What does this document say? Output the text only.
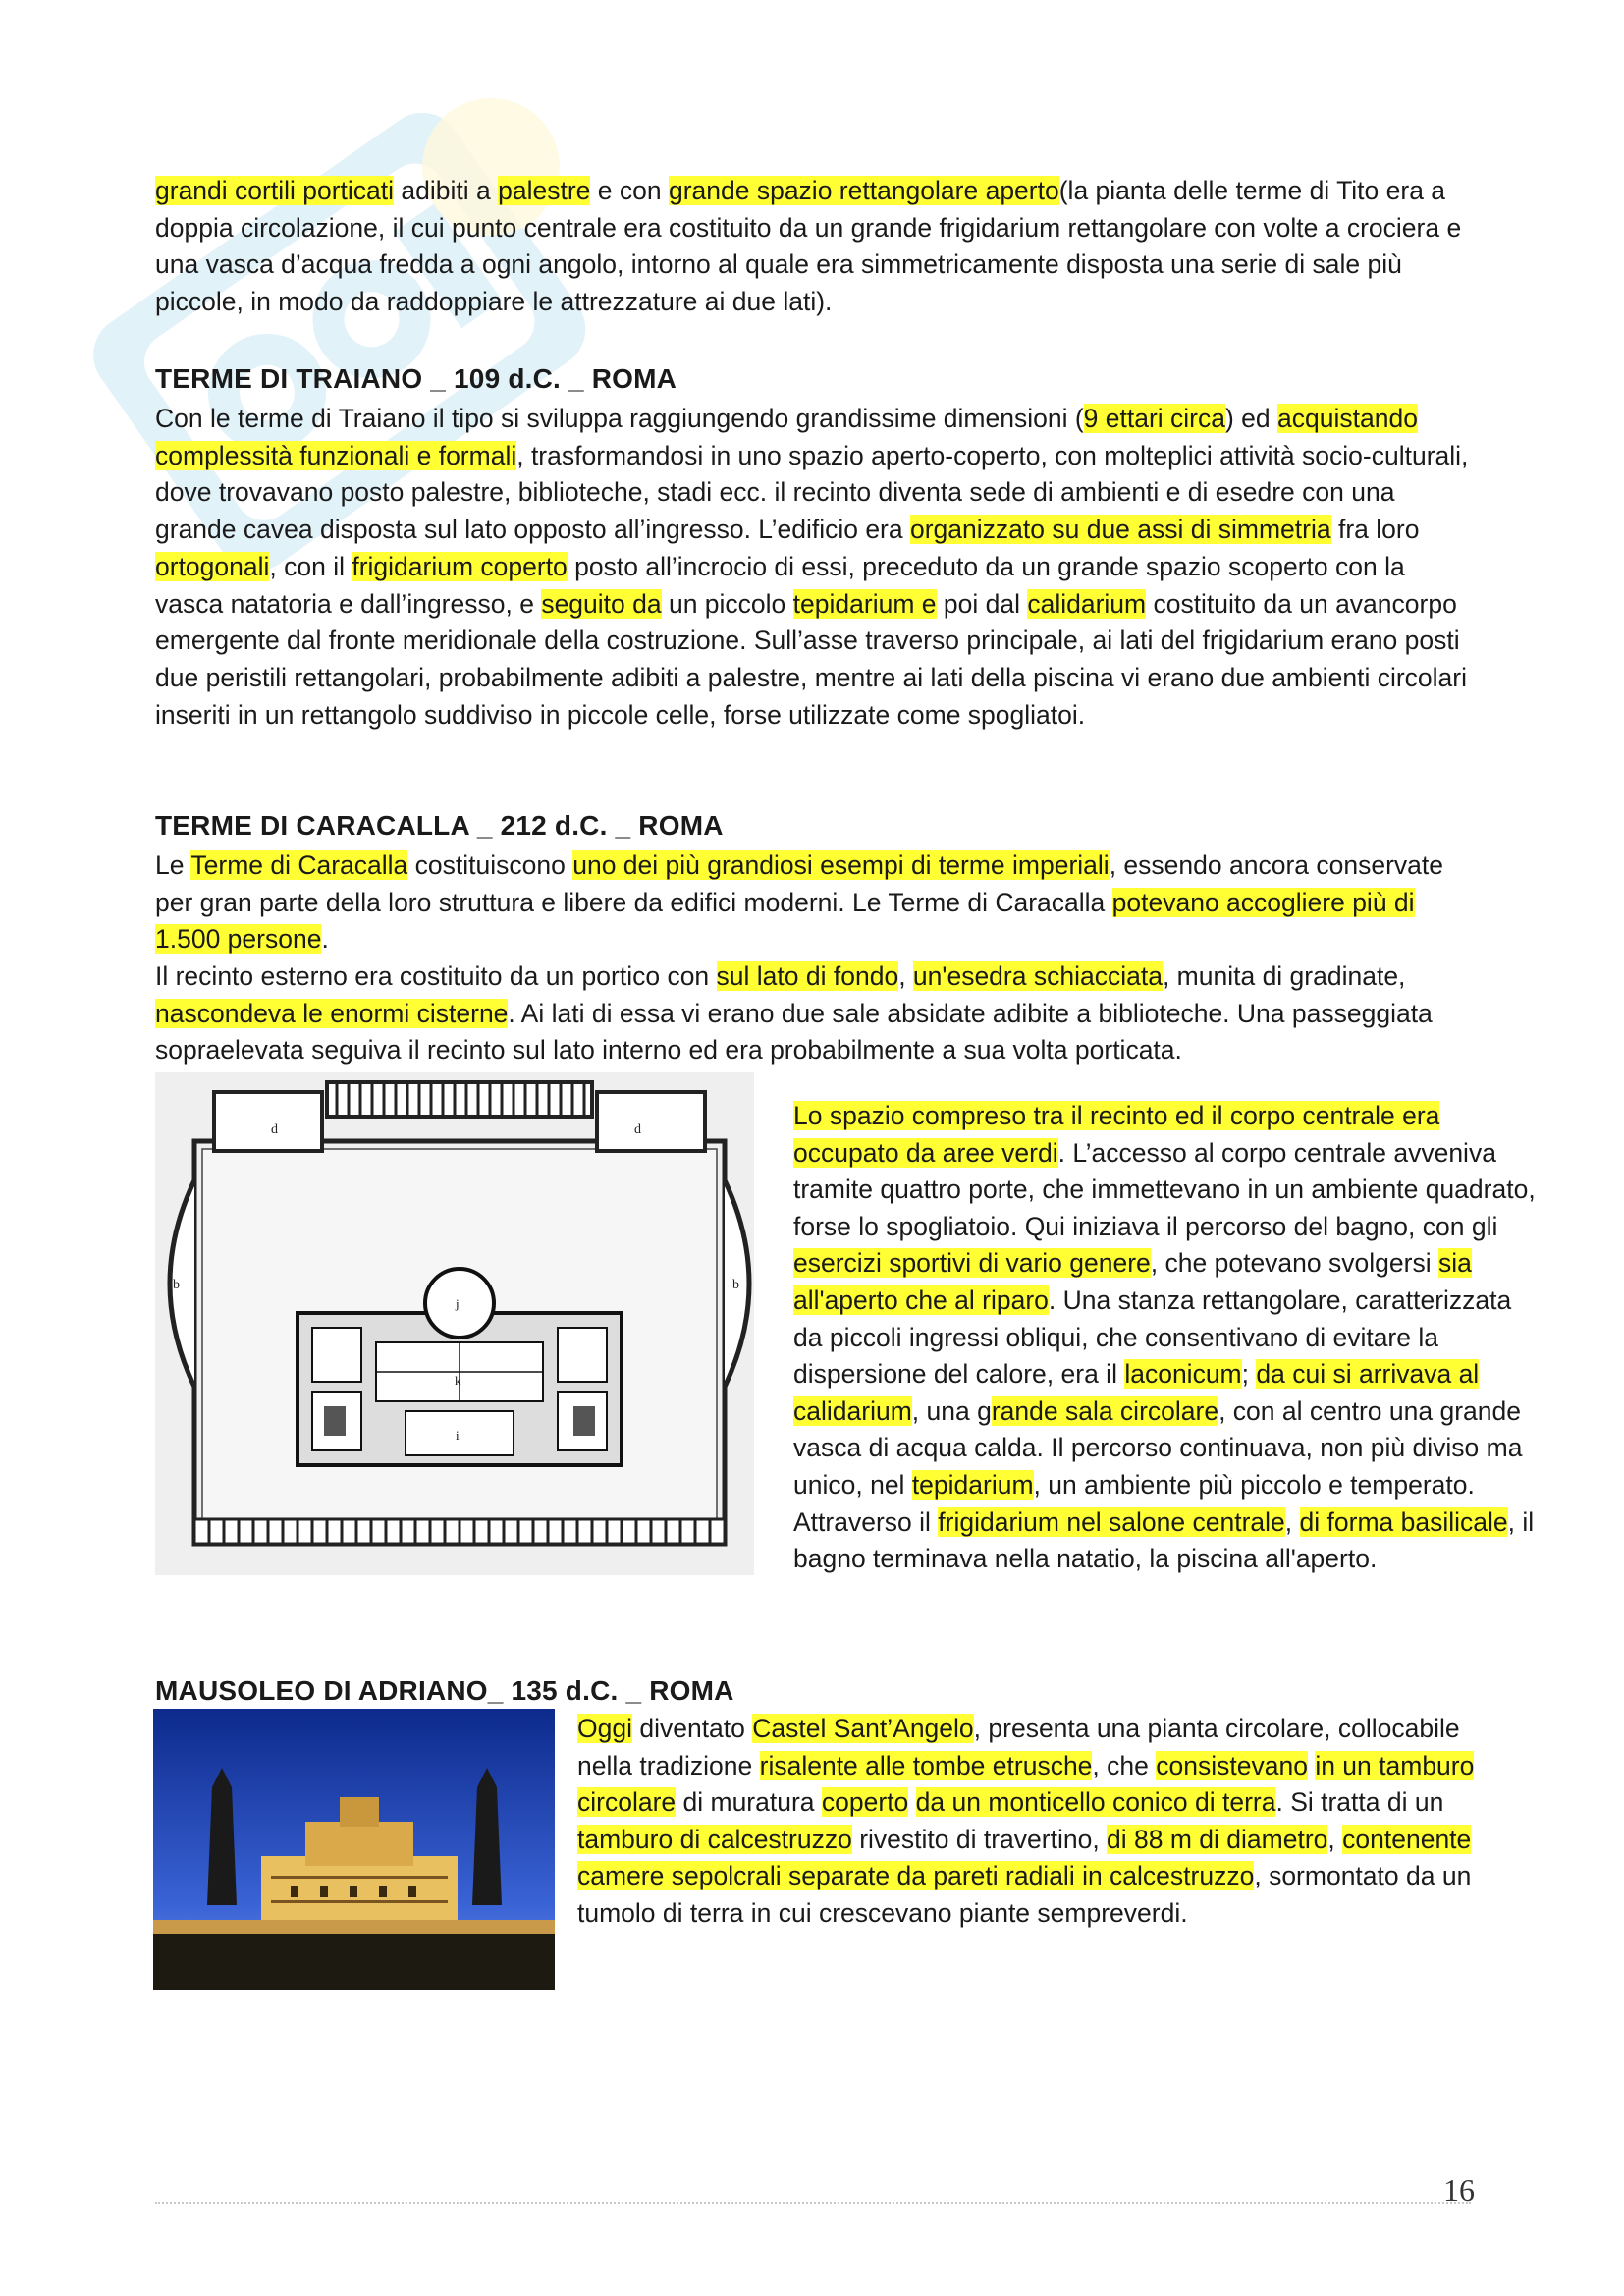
grandi cortili porticati adibiti a palestre e con grande spazio rettangolare aperto(la pianta delle terme di Tito era a doppia circolazione, il cui punto centrale era costituito da un grande frigidarium rettangolare con volte a crociera e una vasca d’acqua fredda a ogni angolo, intorno al quale era simmetricamente disposta una serie di sale più piccole, in modo da raddoppiare le attrezzature ai due lati).

TERME DI TRAIANO _ 109 d.C. _ ROMA

Con le terme di Traiano il tipo si sviluppa raggiungendo grandissime dimensioni (9 ettari circa) ed acquistando complessità funzionali e formali, trasformandosi in uno spazio aperto-coperto, con molteplici attività socio-culturali, dove trovavano posto palestre, biblioteche, stadi ecc. il recinto diventa sede di ambienti e di esedre con una grande cavea disposta sul lato opposto all’ingresso. L’edificio era organizzato su due assi di simmetria fra loro ortogonali, con il frigidarium coperto posto all’incrocio di essi, preceduto da un grande spazio scoperto con la vasca natatoria e dall’ingresso, e seguito da un piccolo tepidarium e poi dal calidarium costituito da un avancorpo emergente dal fronte meridionale della costruzione. Sull’asse traverso principale, ai lati del frigidarium erano posti due peristili rettangolari, probabilmente adibiti a palestre, mentre ai lati della piscina vi erano due ambienti circolari inseriti in un rettangolo suddiviso in piccole celle, forse utilizzate come spogliatoi.

TERME DI CARACALLA _ 212 d.C. _ ROMA

Le Terme di Caracalla costituiscono uno dei più grandiosi esempi di terme imperiali, essendo ancora conservate per gran parte della loro struttura e libere da edifici moderni. Le Terme di Caracalla potevano accogliere più di 1.500 persone.

Il recinto esterno era costituito da un portico con sul lato di fondo, un'esedra schiacciata, munita di gradinate, nascondeva le enormi cisterne. Ai lati di essa vi erano due sale absidate adibite a biblioteche. Una passeggiata sopraelevata seguiva il recinto sul lato interno ed era probabilmente a sua volta porticata.

d	d
b	b
j
k
i

Lo spazio compreso tra il recinto ed il corpo centrale era occupato da aree verdi. L’accesso al corpo centrale avveniva tramite quattro porte, che immettevano in un ambiente quadrato, forse lo spogliatoio. Qui iniziava il percorso del bagno, con gli esercizi sportivi di vario genere, che potevano svolgersi sia all'aperto che al riparo. Una stanza rettangolare, caratterizzata da piccoli ingressi obliqui, che consentivano di evitare la dispersione del calore, era il laconicum; da cui si arrivava al calidarium, una grande sala circolare, con al centro una grande vasca di acqua calda. Il percorso continuava, non più diviso ma unico, nel tepidarium, un ambiente più piccolo e temperato. Attraverso il frigidarium nel salone centrale, di forma basilicale, il bagno terminava nella natatio, la piscina all'aperto.

MAUSOLEO DI ADRIANO_ 135 d.C. _ ROMA

Oggi diventato Castel Sant’Angelo, presenta una pianta circolare, collocabile nella tradizione risalente alle tombe etrusche, che consistevano in un tamburo circolare di muratura coperto da un monticello conico di terra. Si tratta di un tamburo di calcestruzzo rivestito di travertino, di 88 m di diametro, contenente camere sepolcrali separate da pareti radiali in calcestruzzo, sormontato da un tumolo di terra in cui crescevano piante sempreverdi.

16
